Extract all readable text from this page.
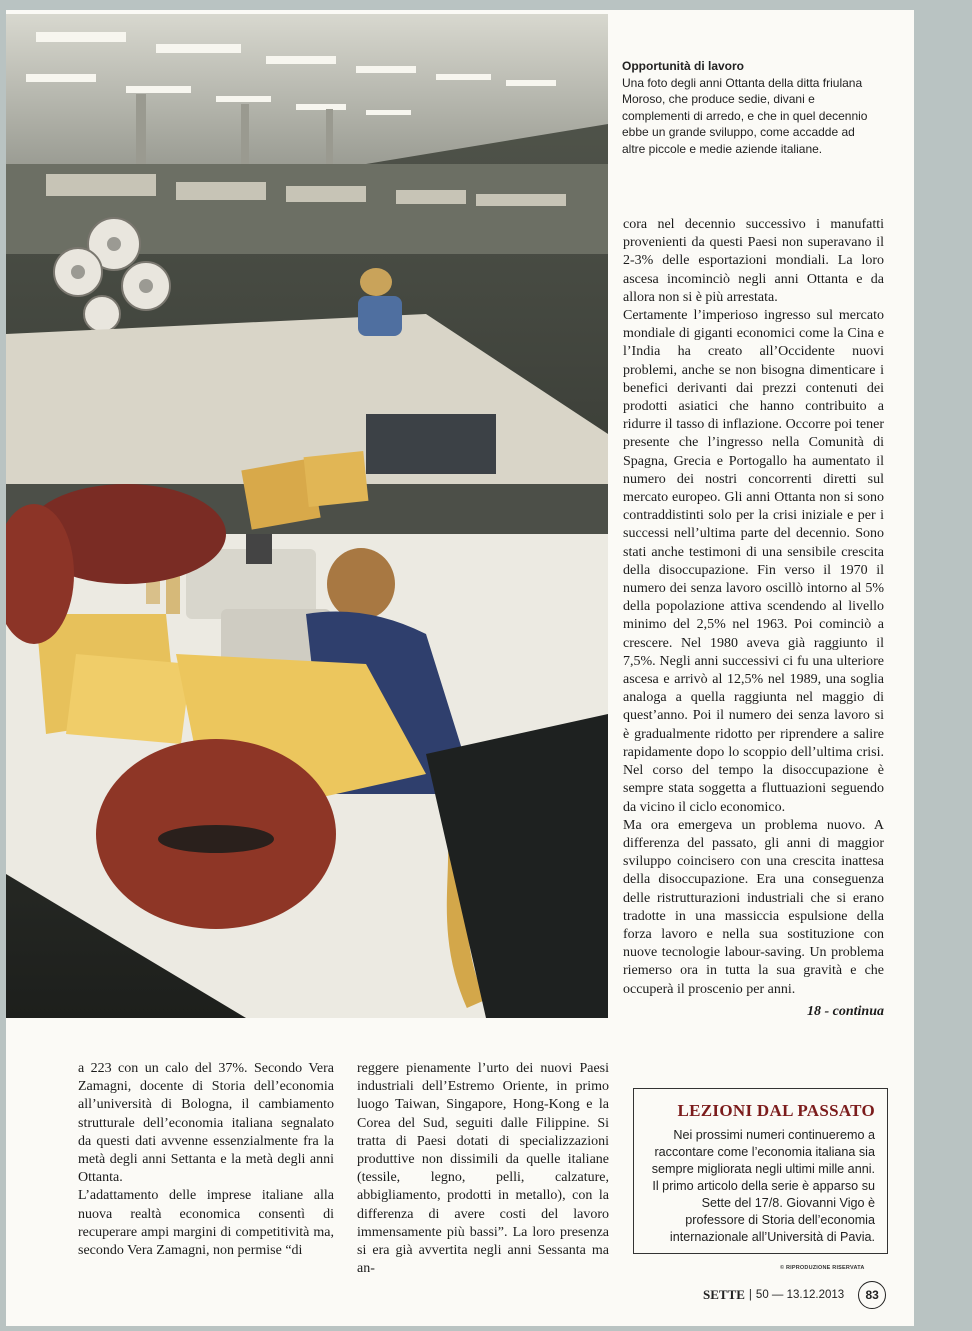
Opportunità di lavoro
Una foto degli anni Ottanta della ditta friulana Moroso, che produce sedie, divani e complementi di arredo, e che in quel decennio ebbe un grande sviluppo, come accadde ad altre piccole e medie aziende italiane.

cora nel decennio successivo i manufatti provenienti da questi Paesi non superavano il 2-3% delle esportazioni mondiali. La loro ascesa incominciò negli anni Ottanta e da allora non si è più arrestata.

Certamente l’imperioso ingresso sul mercato mondiale di giganti economici come la Cina e l’India ha creato all’Occidente nuovi problemi, anche se non bisogna dimenticare i benefici derivanti dai prezzi contenuti dei prodotti asiatici che hanno contribuito a ridurre il tasso di inflazione. Occorre poi tener presente che l’ingresso nella Comunità di Spagna, Grecia e Portogallo ha aumentato il numero dei nostri concorrenti diretti sul mercato europeo. Gli anni Ottanta non si sono contraddistinti solo per la crisi iniziale e per i successi nell’ultima parte del decennio. Sono stati anche testimoni di una sensibile crescita della disoccupazione. Fin verso il 1970 il numero dei senza lavoro oscillò intorno al 5% della popolazione attiva scendendo al livello minimo del 2,5% nel 1963. Poi cominciò a crescere. Nel 1980 aveva già raggiunto il 7,5%. Negli anni successivi ci fu una ulteriore ascesa e arrivò al 12,5% nel 1989, una soglia analoga a quella raggiunta nel maggio di quest’anno. Poi il numero dei senza lavoro si è gradualmente ridotto per riprendere a salire rapidamente dopo lo scoppio dell’ultima crisi. Nel corso del tempo la disoccupazione è sempre stata soggetta a fluttuazioni seguendo da vicino il ciclo economico.

Ma ora emergeva un problema nuovo. A differenza del passato, gli anni di maggior sviluppo coincisero con una crescita inattesa della disoccupazione. Era una conseguenza delle ristrutturazioni industriali che si erano tradotte in una massiccia espulsione della forza lavoro e nella sua sostituzione con nuove tecnologie labour-saving. Un problema riemerso ora in tutta la sua gravità e che occuperà il proscenio per anni.

18 - continua

a 223 con un calo del 37%. Secondo Vera Zamagni, docente di Storia dell’economia all’università di Bologna, il cambiamento strutturale dell’economia italiana segnalato da questi dati avvenne essenzialmente fra la metà degli anni Settanta e la metà degli anni Ottanta.

L’adattamento delle imprese italiane alla nuova realtà economica consentì di recuperare ampi margini di competitività ma, secondo Vera Zamagni, non permise “di

reggere pienamente l’urto dei nuovi Paesi industriali dell’Estremo Oriente, in primo luogo Taiwan, Singapore, Hong-Kong e la Corea del Sud, seguiti dalle Filippine. Si tratta di Paesi dotati di specializzazioni produttive non dissimili da quelle italiane (tessile, legno, pelli, calzature, abbigliamento, prodotti in metallo), con la differenza di avere costi del lavoro immensamente più bassi”. La loro presenza si era già avvertita negli anni Sessanta ma an-

LEZIONI DAL PASSATO
Nei prossimi numeri continueremo a raccontare come l’economia italiana sia sempre migliorata negli ultimi mille anni. Il primo articolo della serie è apparso su Sette del 17/8. Giovanni Vigo è professore di Storia dell’economia internazionale all’Università di Pavia.
© RIPRODUZIONE RISERVATA
SETTE | 50 — 13.12.2013	83
